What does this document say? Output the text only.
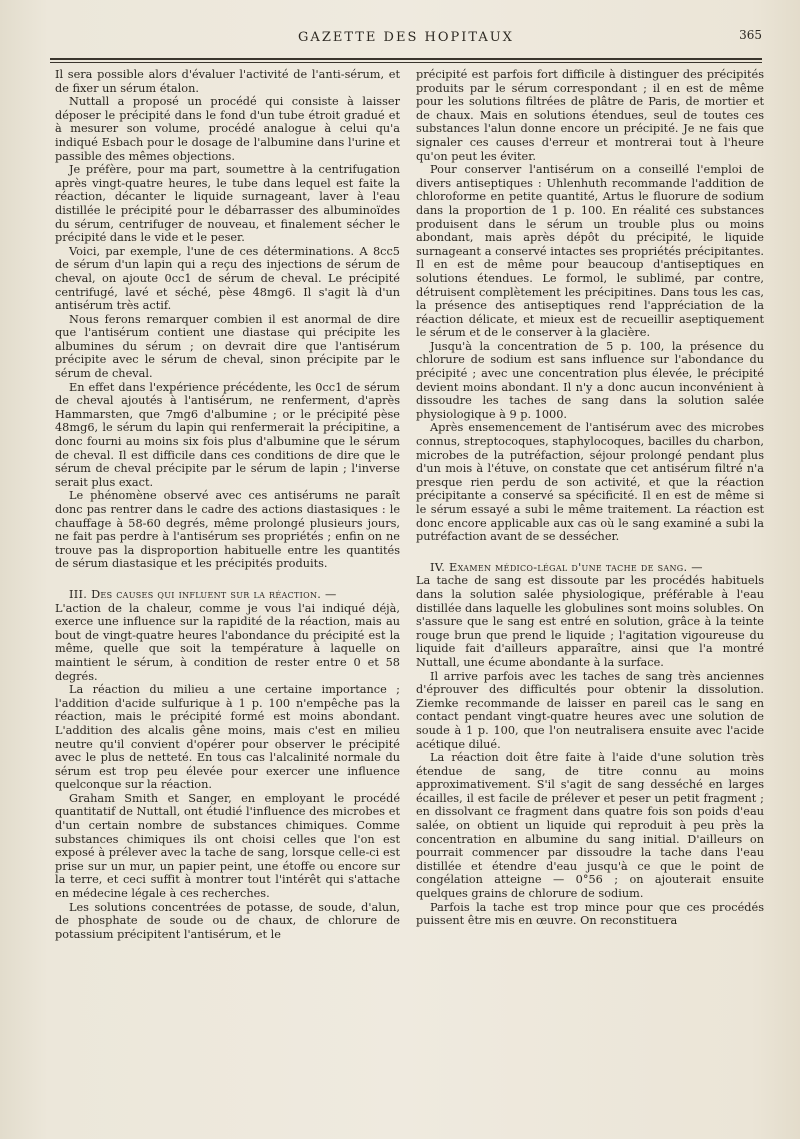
GAZETTE DES HOPITAUX	365

Il sera possible alors d'évaluer l'activité de l'anti-sérum, et de fixer un sérum étalon.

Nuttall a proposé un procédé qui consiste à laisser déposer le précipité dans le fond d'un tube étroit gradué et à mesurer son volume, procédé analogue à celui qu'a indiqué Esbach pour le dosage de l'albumine dans l'urine et passible des mêmes objections.

Je préfère, pour ma part, soumettre à la centrifugation après vingt-quatre heures, le tube dans lequel est faite la réaction, décanter le liquide surnageant, laver à l'eau distillée le précipité pour le débarrasser des albuminoïdes du sérum, centrifuger de nouveau, et finalement sécher le précipité dans le vide et le peser.

Voici, par exemple, l'une de ces déterminations. A 8cc5 de sérum d'un lapin qui a reçu des injections de sérum de cheval, on ajoute 0cc1 de sérum de cheval. Le précipité centrifugé, lavé et séché, pèse 48mg6. Il s'agit là d'un antisérum très actif.

Nous ferons remarquer combien il est anormal de dire que l'antisérum contient une diastase qui précipite les albumines du sérum ; on devrait dire que l'antisérum précipite avec le sérum de cheval, sinon précipite par le sérum de cheval.

En effet dans l'expérience précédente, les 0cc1 de sérum de cheval ajoutés à l'antisérum, ne renferment, d'après Hammarsten, que 7mg6 d'albumine ; or le précipité pèse 48mg6, le sérum du lapin qui renfermerait la précipitine, a donc fourni au moins six fois plus d'albumine que le sérum de cheval. Il est difficile dans ces conditions de dire que le sérum de cheval précipite par le sérum de lapin ; l'inverse serait plus exact.

Le phénomène observé avec ces antisérums ne paraît donc pas rentrer dans le cadre des actions diastasiques : le chauffage à 58-60 degrés, même prolongé plusieurs jours, ne fait pas perdre à l'antisérum ses propriétés ; enfin on ne trouve pas la disproportion habituelle entre les quantités de sérum diastasique et les précipités produits.

III. Des causes qui influent sur la réaction. —

L'action de la chaleur, comme je vous l'ai indiqué déjà, exerce une influence sur la rapidité de la réaction, mais au bout de vingt-quatre heures l'abondance du précipité est la même, quelle que soit la température à laquelle on maintient le sérum, à condition de rester entre 0 et 58 degrés.

La réaction du milieu a une certaine importance ; l'addition d'acide sulfurique à 1 p. 100 n'empêche pas la réaction, mais le précipité formé est moins abondant. L'addition des alcalis gêne moins, mais c'est en milieu neutre qu'il convient d'opérer pour observer le précipité avec le plus de netteté. En tous cas l'alcalinité normale du sérum est trop peu élevée pour exercer une influence quelconque sur la réaction.

Graham Smith et Sanger, en employant le procédé quantitatif de Nuttall, ont étudié l'influence des microbes et d'un certain nombre de substances chimiques. Comme substances chimiques ils ont choisi celles que l'on est exposé à prélever avec la tache de sang, lorsque celle-ci est prise sur un mur, un papier peint, une étoffe ou encore sur la terre, et ceci suffit à montrer tout l'intérêt qui s'attache en médecine légale à ces recherches.

Les solutions concentrées de potasse, de soude, d'alun, de phosphate de soude ou de chaux, de chlorure de potassium précipitent l'antisérum, et le

précipité est parfois fort difficile à distinguer des précipités produits par le sérum correspondant ; il en est de même pour les solutions filtrées de plâtre de Paris, de mortier et de chaux. Mais en solutions étendues, seul de toutes ces substances l'alun donne encore un précipité. Je ne fais que signaler ces causes d'erreur et montrerai tout à l'heure qu'on peut les éviter.

Pour conserver l'antisérum on a conseillé l'emploi de divers antiseptiques : Uhlenhuth recommande l'addition de chloroforme en petite quantité, Artus le fluorure de sodium dans la proportion de 1 p. 100. En réalité ces substances produisent dans le sérum un trouble plus ou moins abondant, mais après dépôt du précipité, le liquide surnageant a conservé intactes ses propriétés précipitantes. Il en est de même pour beaucoup d'antiseptiques en solutions étendues. Le formol, le sublimé, par contre, détruisent complètement les précipitines. Dans tous les cas, la présence des antiseptiques rend l'appréciation de la réaction délicate, et mieux est de recueillir aseptiquement le sérum et de le conserver à la glacière.

Jusqu'à la concentration de 5 p. 100, la présence du chlorure de sodium est sans influence sur l'abondance du précipité ; avec une concentration plus élevée, le précipité devient moins abondant. Il n'y a donc aucun inconvénient à dissoudre les taches de sang dans la solution salée physiologique à 9 p. 1000.

Après ensemencement de l'antisérum avec des microbes connus, streptocoques, staphylocoques, bacilles du charbon, microbes de la putréfaction, séjour prolongé pendant plus d'un mois à l'étuve, on constate que cet antisérum filtré n'a presque rien perdu de son activité, et que la réaction précipitante a conservé sa spécificité. Il en est de même si le sérum essayé a subi le même traitement. La réaction est donc encore applicable aux cas où le sang examiné a subi la putréfaction avant de se dessécher.

IV. Examen médico-légal d'une tache de sang. —

La tache de sang est dissoute par les procédés habituels dans la solution salée physiologique, préférable à l'eau distillée dans laquelle les globulines sont moins solubles. On s'assure que le sang est entré en solution, grâce à la teinte rouge brun que prend le liquide ; l'agitation vigoureuse du liquide fait d'ailleurs apparaître, ainsi que l'a montré Nuttall, une écume abondante à la surface.

Il arrive parfois avec les taches de sang très anciennes d'éprouver des difficultés pour obtenir la dissolution. Ziemke recommande de laisser en pareil cas le sang en contact pendant vingt-quatre heures avec une solution de soude à 1 p. 100, que l'on neutralisera ensuite avec l'acide acétique dilué.

La réaction doit être faite à l'aide d'une solution très étendue de sang, de titre connu au moins approximativement. S'il s'agit de sang desséché en larges écailles, il est facile de prélever et peser un petit fragment ; en dissolvant ce fragment dans quatre fois son poids d'eau salée, on obtient un liquide qui reproduit à peu près la concentration en albumine du sang initial. D'ailleurs on pourrait commencer par dissoudre la tache dans l'eau distillée et étendre d'eau jusqu'à ce que le point de congélation atteigne — 0°56 ; on ajouterait ensuite quelques grains de chlorure de sodium.

Parfois la tache est trop mince pour que ces procédés puissent être mis en œuvre. On reconstituera
